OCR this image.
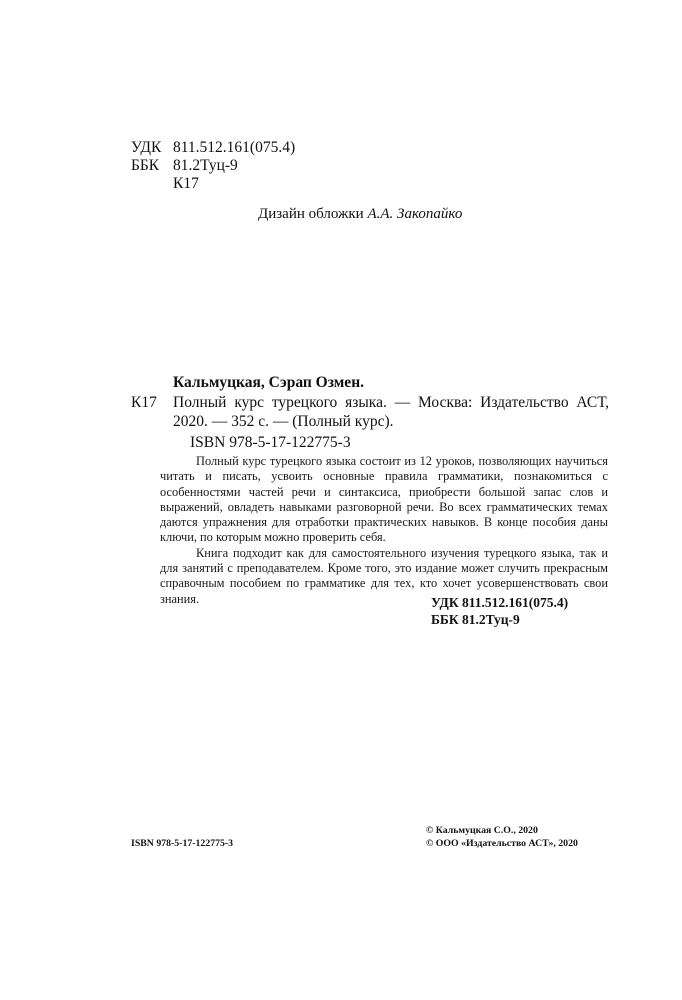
УДК 811.512.161(075.4)
ББК 81.2Туц-9
К17
Дизайн обложки А.А. Закопайко
Кальмуцкая, Сэрап Озмен.
К17 Полный курс турецкого языка. — Москва: Издательство АСТ, 2020. — 352 с. — (Полный курс).
ISBN 978-5-17-122775-3

Полный курс турецкого языка состоит из 12 уроков, позволяющих научиться читать и писать, усвоить основные правила грамматики, познакомиться с особенностями частей речи и синтаксиса, приобрести большой запас слов и выражений, овладеть навыками разговорной речи. Во всех грамматических темах даются упражнения для отработки практических навыков. В конце пособия даны ключи, по которым можно проверить себя.

Книга подходит как для самостоятельного изучения турецкого языка, так и для занятий с преподавателем. Кроме того, это издание может случить прекрасным справочным пособием по грамматике для тех, кто хочет усовершенствовать свои знания.	УДК 811.512.161(075.4)
ББК 81.2Туц-9
ISBN 978-5-17-122775-3
© Кальмуцкая С.О., 2020
© ООО «Издательство АСТ», 2020
